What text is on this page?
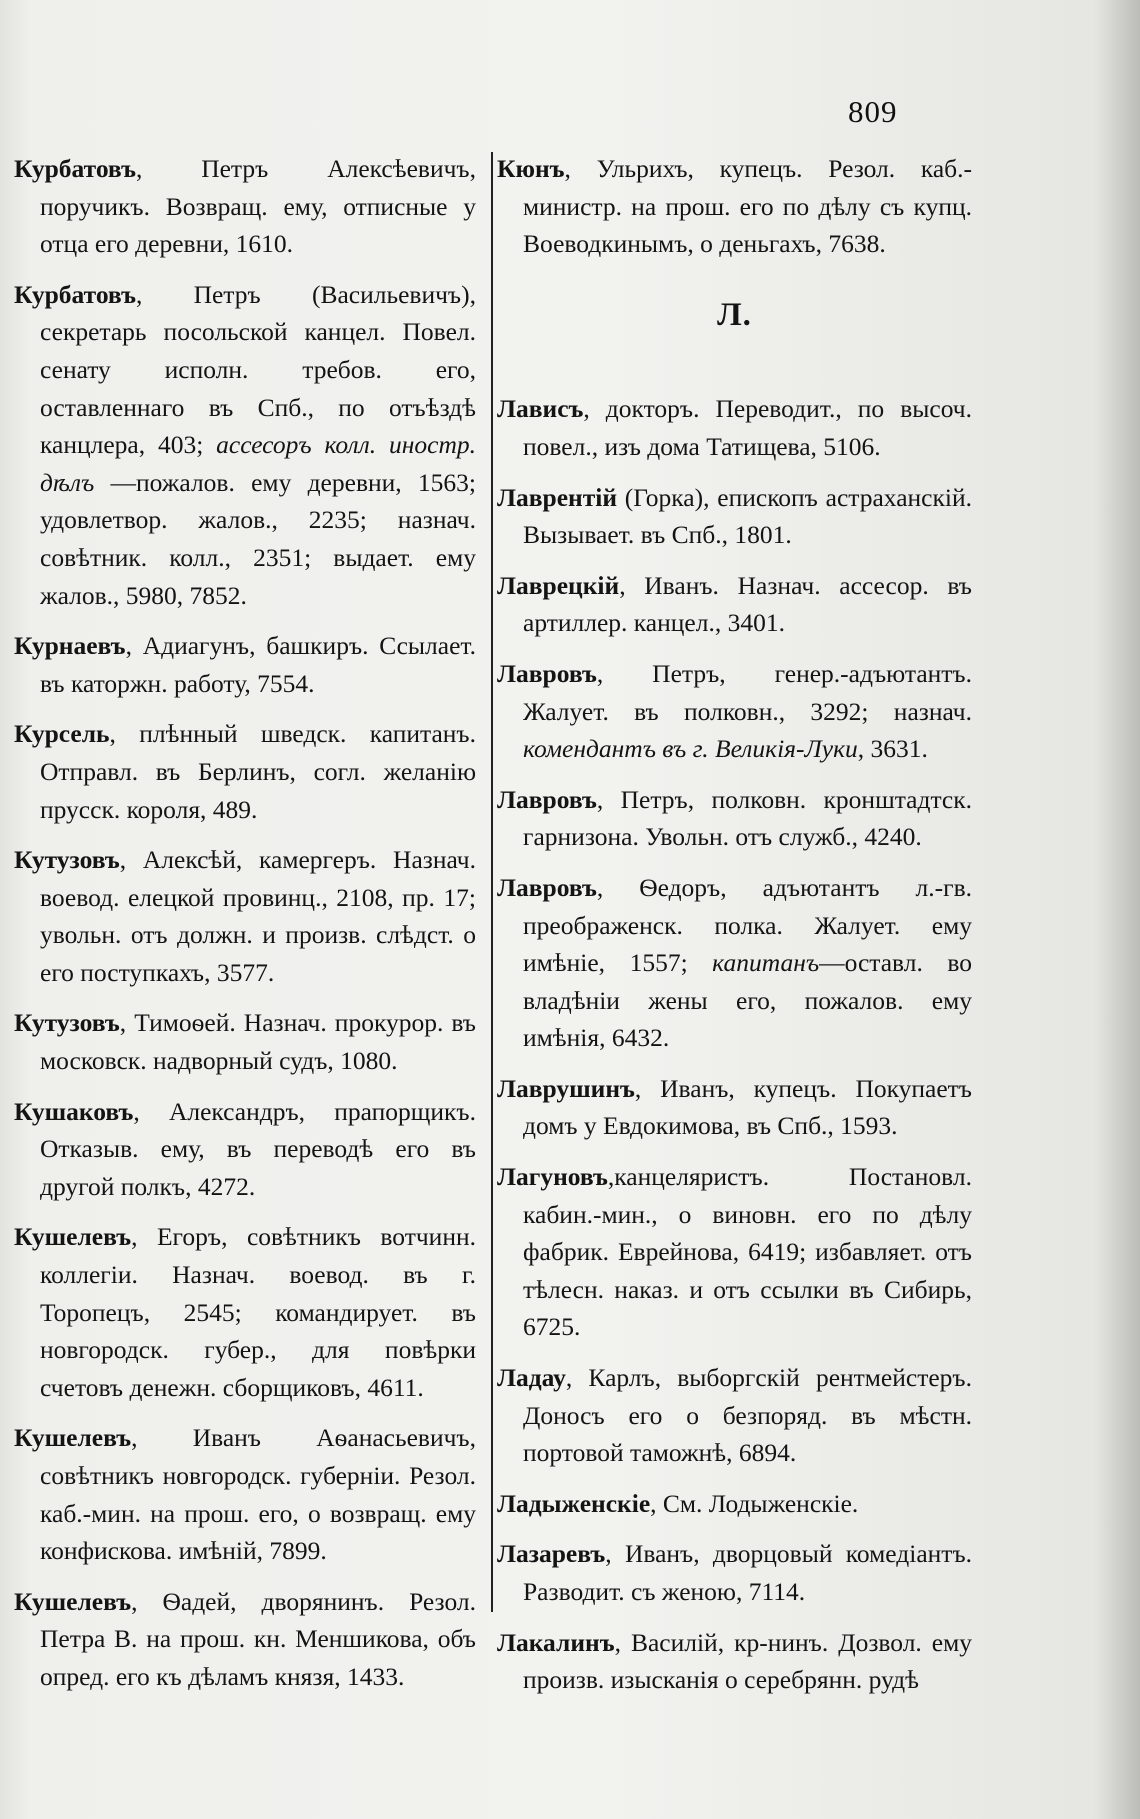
809

Курбатовъ, Петръ Алексѣевичъ, поручикъ. Возвращ. ему, отписные у отца его деревни, 1610.

Курбатовъ, Петръ (Васильевичъ), секретарь посольской канцел. Повел. сенату исполн. требов. его, оставленнаго въ Спб., по отъѣздѣ канцлера, 403; ассесоръ колл. иностр. дѣлъ —пожалов. ему деревни, 1563; удовлетвор. жалов., 2235; назнач. совѣтник. колл., 2351; выдает. ему жалов., 5980, 7852.

Курнаевъ, Адиагунъ, башкиръ. Ссылает. въ каторжн. работу, 7554.

Курсель, плѣнный шведск. капитанъ. Отправл. въ Берлинъ, согл. желанію прусск. короля, 489.

Кутузовъ, Алексѣй, камергеръ. Назнач. воевод. елецкой провинц., 2108, пр. 17; увольн. отъ должн. и произв. слѣдст. о его поступкахъ, 3577.

Кутузовъ, Тимоѳей. Назнач. прокурор. въ московск. надворный судъ, 1080.

Кушаковъ, Александръ, прапорщикъ. Отказыв. ему, въ переводѣ его въ другой полкъ, 4272.

Кушелевъ, Егоръ, совѣтникъ вотчинн. коллегіи. Назнач. воевод. въ г. Торопецъ, 2545; командирует. въ новгородск. губер., для повѣрки счетовъ денежн. сборщиковъ, 4611.

Кушелевъ, Иванъ Аѳанасьевичъ, совѣтникъ новгородск. губерніи. Резол. каб.-мин. на прош. его, о возвращ. ему конфискова. имѣній, 7899.

Кушелевъ, Ѳадей, дворянинъ. Резол. Петра В. на прош. кн. Меншикова, объ опред. его къ дѣламъ князя, 1433.

Кюнъ, Ульрихъ, купецъ. Резол. каб.-министр. на прош. его по дѣлу съ купц. Воеводкинымъ, о деньгахъ, 7638.

Л.

Лависъ, докторъ. Переводит., по высоч. повел., изъ дома Татищева, 5106.

Лаврентій (Горка), епископъ астраханскій. Вызывает. въ Спб., 1801.

Лаврецкій, Иванъ. Назнач. ассесор. въ артиллер. канцел., 3401.

Лавровъ, Петръ, генер.-адъютантъ. Жалует. въ полковн., 3292; назнач. комендантъ въ г. Великія-Луки, 3631.

Лавровъ, Петръ, полковн. кронштадтск. гарнизона. Увольн. отъ служб., 4240.

Лавровъ, Ѳедоръ, адъютантъ л.-гв. преображенск. полка. Жалует. ему имѣніе, 1557; капитанъ—оставл. во владѣніи жены его, пожалов. ему имѣнія, 6432.

Лаврушинъ, Иванъ, купецъ. Покупаетъ домъ у Евдокимова, въ Спб., 1593.

Лагуновъ,канцеляристъ. Постановл. кабин.-мин., о виновн. его по дѣлу фабрик. Еврейнова, 6419; избавляет. отъ тѣлесн. наказ. и отъ ссылки въ Сибирь, 6725.

Ладау, Карлъ, выборгскій рентмейстеръ. Доносъ его о безпоряд. въ мѣстн. портовой таможнѣ, 6894.

Ладыженскіе, См. Лодыженскіе.

Лазаревъ, Иванъ, дворцовый комедіантъ. Разводит. съ женою, 7114.

Лакалинъ, Василій, кр-нинъ. Дозвол. ему произв. изысканія о серебрянн. рудѣ
